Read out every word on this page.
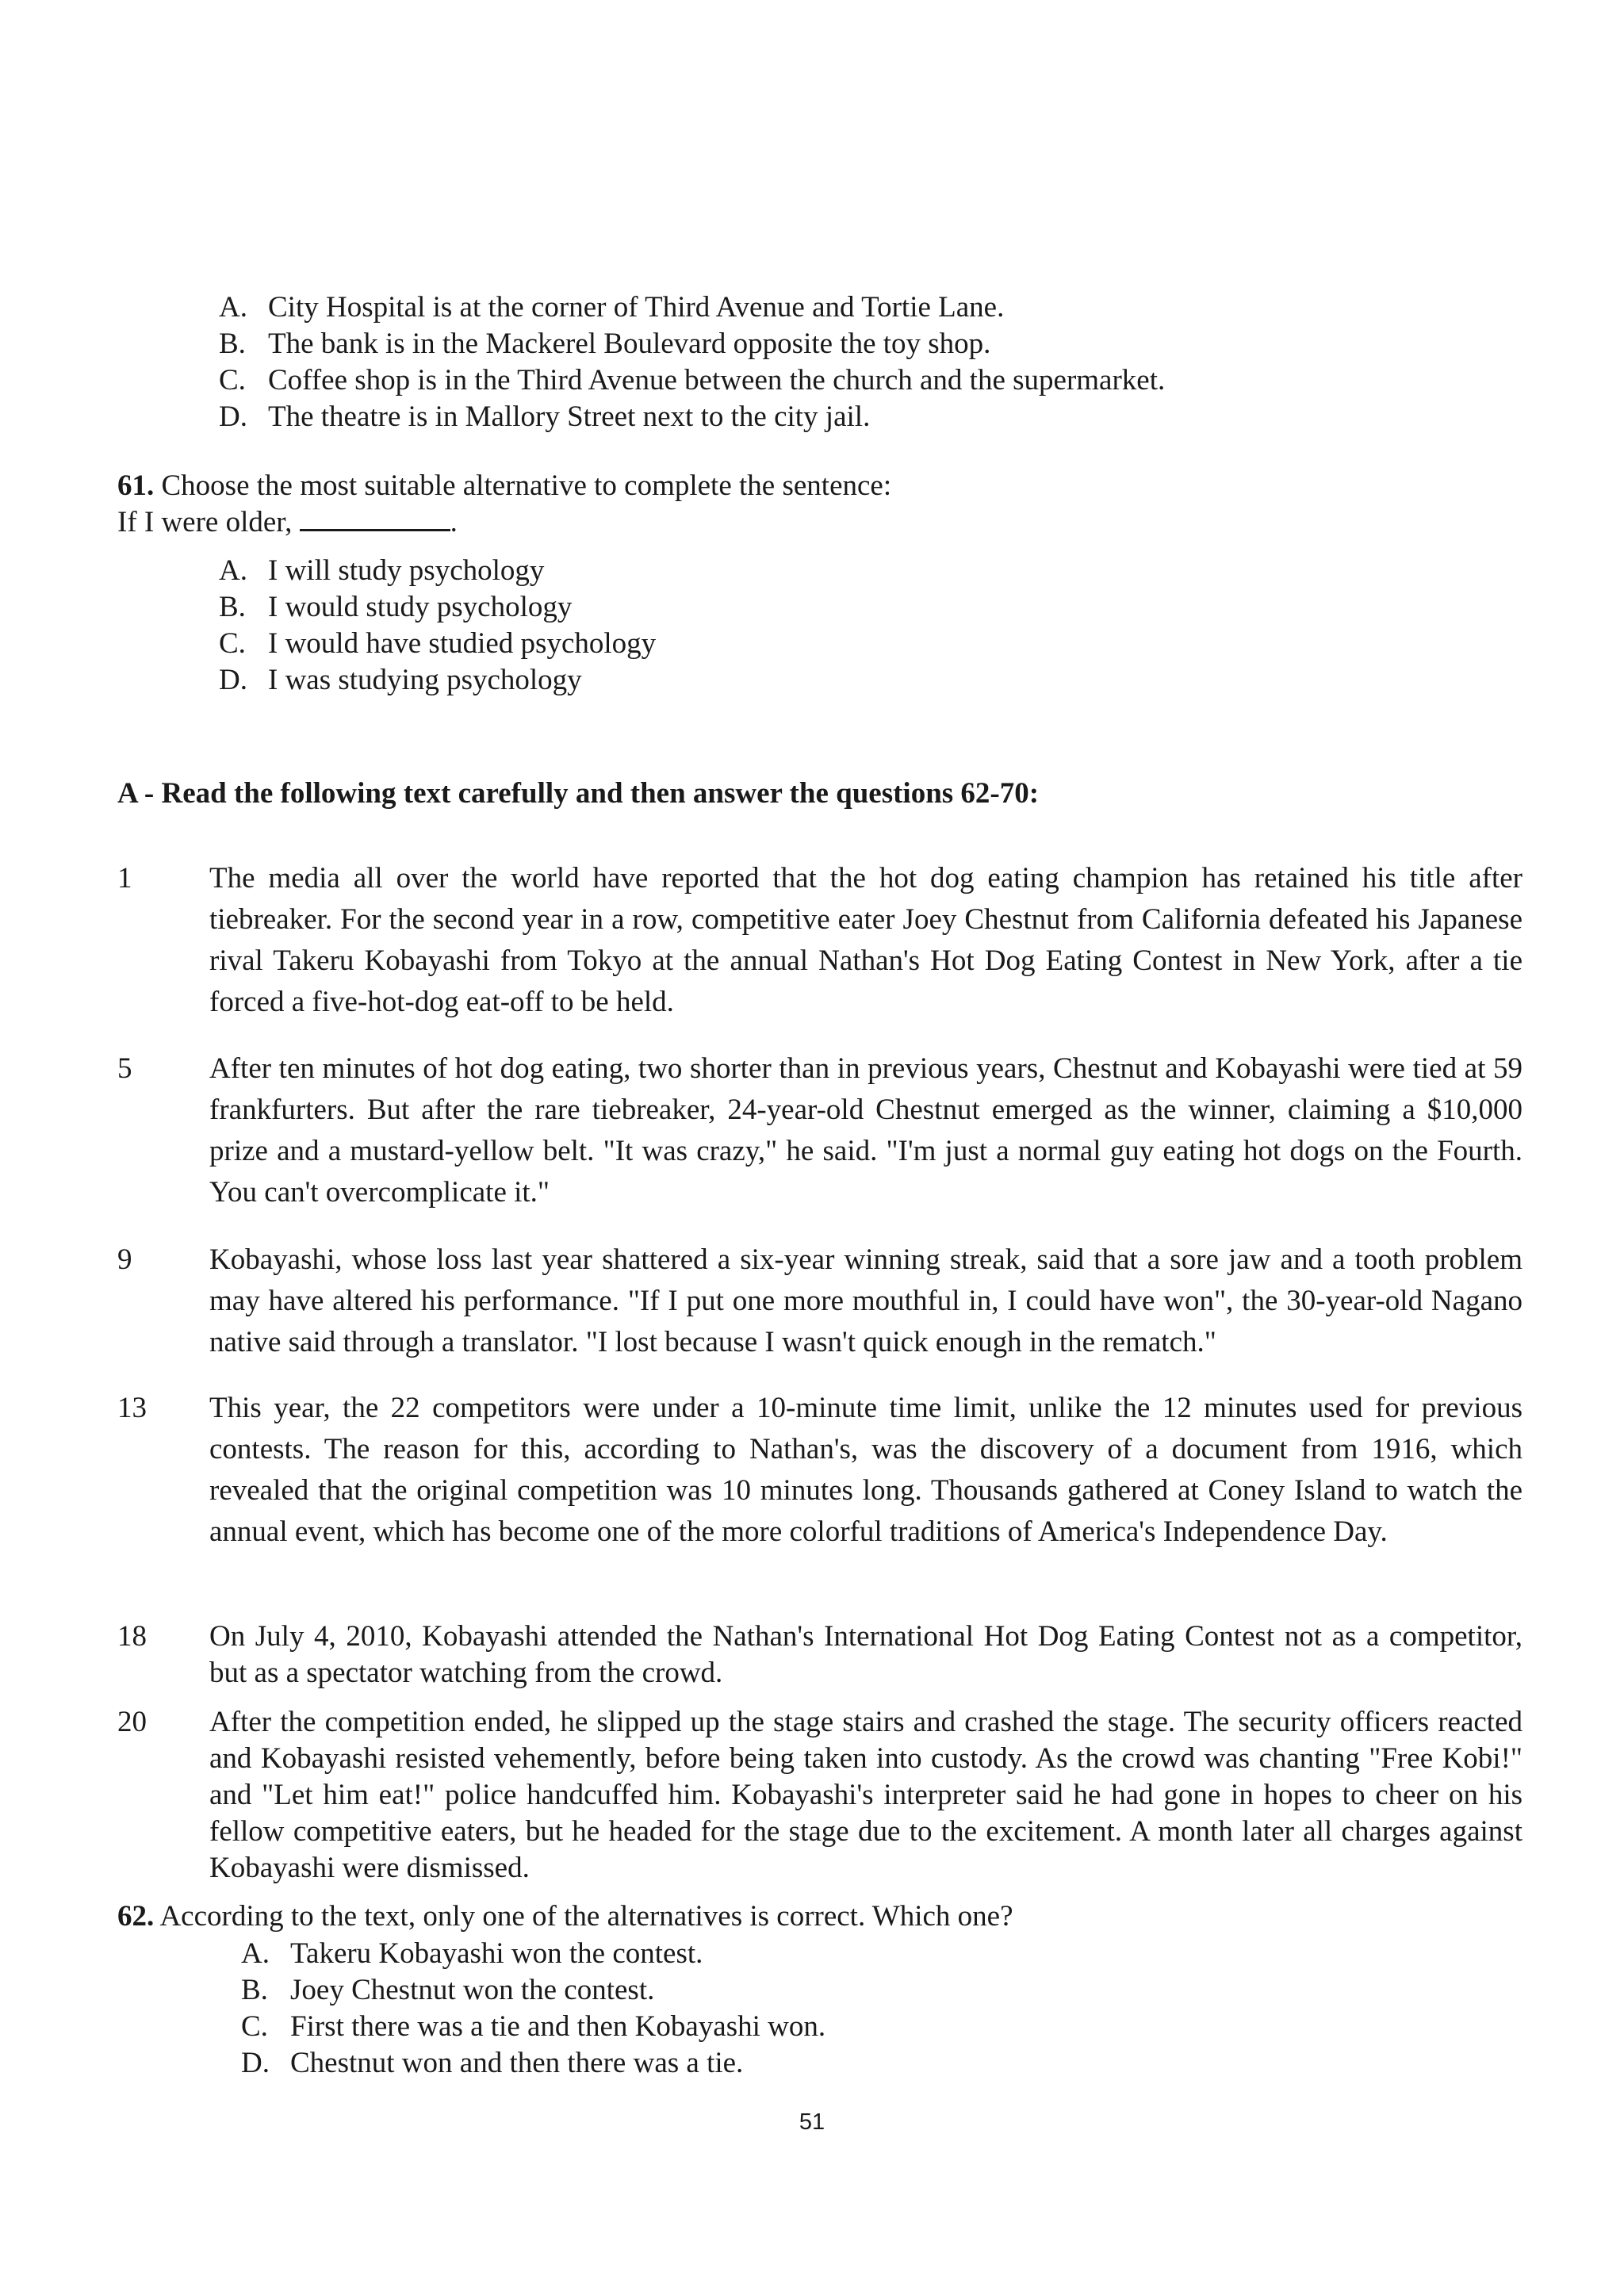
A. City Hospital is at the corner of Third Avenue and Tortie Lane.
B. The bank is in the Mackerel Boulevard opposite the toy shop.
C. Coffee shop is in the Third Avenue between the church and the supermarket.
D. The theatre is in Mallory Street next to the city jail.
61. Choose the most suitable alternative to complete the sentence:
If I were older,	.
A. I will study psychology
B. I would study psychology
C. I would have studied psychology
D. I was studying psychology
A - Read the following text carefully and then answer the questions 62-70:
1	The media all over the world have reported that the hot dog eating champion has retained his title after tiebreaker. For the second year in a row, competitive eater Joey Chestnut from California defeated his Japanese rival Takeru Kobayashi from Tokyo at the annual Nathan's Hot Dog Eating Contest in New York, after a tie forced a five-hot-dog eat-off to be held.
5	After ten minutes of hot dog eating, two shorter than in previous years, Chestnut and Kobayashi were tied at 59 frankfurters. But after the rare tiebreaker, 24-year-old Chestnut emerged as the winner, claiming a $10,000 prize and a mustard-yellow belt. "It was crazy," he said. "I'm just a normal guy eating hot dogs on the Fourth. You can't overcomplicate it."
9	Kobayashi, whose loss last year shattered a six-year winning streak, said that a sore jaw and a tooth problem may have altered his performance. "If I put one more mouthful in, I could have won", the 30-year-old Nagano native said through a translator. "I lost because I wasn't quick enough in the rematch."
13	This year, the 22 competitors were under a 10-minute time limit, unlike the 12 minutes used for previous contests. The reason for this, according to Nathan's, was the discovery of a document from 1916, which revealed that the original competition was 10 minutes long. Thousands gathered at Coney Island to watch the annual event, which has become one of the more colorful traditions of America's Independence Day.
18	On July 4, 2010, Kobayashi attended the Nathan's International Hot Dog Eating Contest not as a competitor, but as a spectator watching from the crowd.
20	After the competition ended, he slipped up the stage stairs and crashed the stage. The security officers reacted and Kobayashi resisted vehemently, before being taken into custody. As the crowd was chanting "Free Kobi!" and "Let him eat!" police handcuffed him. Kobayashi's interpreter said he had gone in hopes to cheer on his fellow competitive eaters, but he headed for the stage due to the excitement. A month later all charges against Kobayashi were dismissed.
62. According to the text, only one of the alternatives is correct. Which one?
A. Takeru Kobayashi won the contest.
B. Joey Chestnut won the contest.
C. First there was a tie and then Kobayashi won.
D. Chestnut won and then there was a tie.
51
